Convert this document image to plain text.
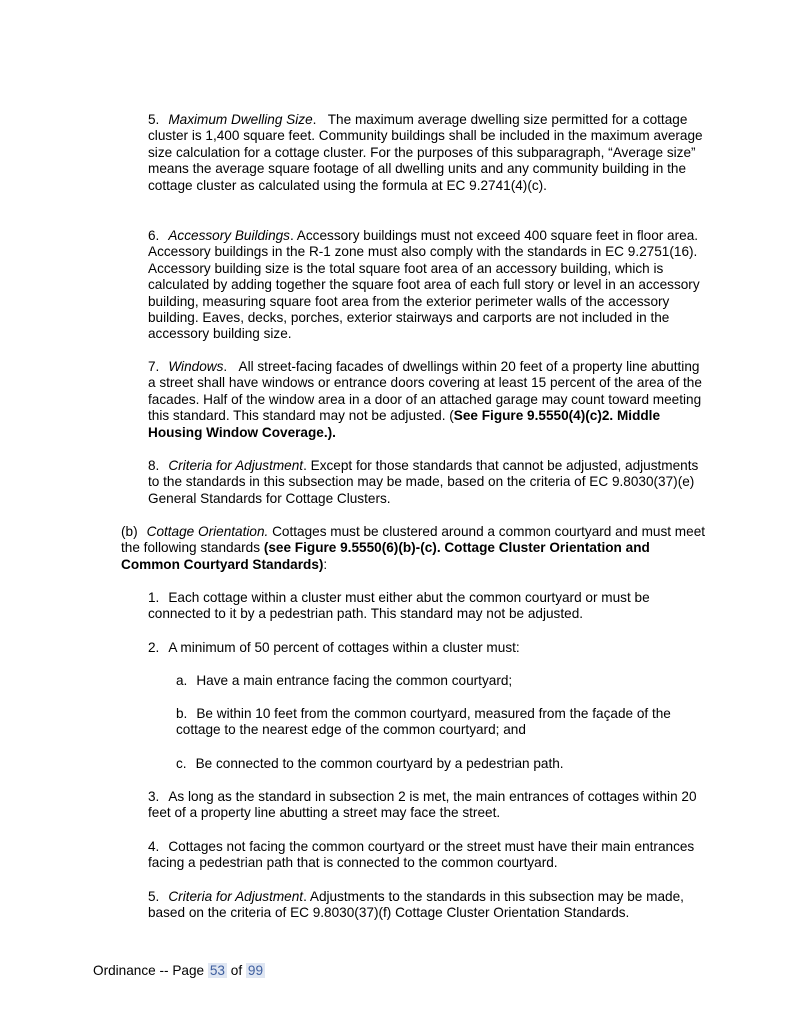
5. Maximum Dwelling Size. The maximum average dwelling size permitted for a cottage cluster is 1,400 square feet. Community buildings shall be included in the maximum average size calculation for a cottage cluster. For the purposes of this subparagraph, “Average size” means the average square footage of all dwelling units and any community building in the cottage cluster as calculated using the formula at EC 9.2741(4)(c).

6. Accessory Buildings. Accessory buildings must not exceed 400 square feet in floor area. Accessory buildings in the R-1 zone must also comply with the standards in EC 9.2751(16). Accessory building size is the total square foot area of an accessory building, which is calculated by adding together the square foot area of each full story or level in an accessory building, measuring square foot area from the exterior perimeter walls of the accessory building. Eaves, decks, porches, exterior stairways and carports are not included in the accessory building size.

7. Windows. All street-facing facades of dwellings within 20 feet of a property line abutting a street shall have windows or entrance doors covering at least 15 percent of the area of the facades. Half of the window area in a door of an attached garage may count toward meeting this standard. This standard may not be adjusted. (See Figure 9.5550(4)(c)2. Middle Housing Window Coverage.).

8. Criteria for Adjustment. Except for those standards that cannot be adjusted, adjustments to the standards in this subsection may be made, based on the criteria of EC 9.8030(37)(e) General Standards for Cottage Clusters.

(b) Cottage Orientation. Cottages must be clustered around a common courtyard and must meet the following standards (see Figure 9.5550(6)(b)-(c). Cottage Cluster Orientation and Common Courtyard Standards):

1. Each cottage within a cluster must either abut the common courtyard or must be connected to it by a pedestrian path. This standard may not be adjusted.

2. A minimum of 50 percent of cottages within a cluster must:

a. Have a main entrance facing the common courtyard;

b. Be within 10 feet from the common courtyard, measured from the façade of the cottage to the nearest edge of the common courtyard; and

c. Be connected to the common courtyard by a pedestrian path.

3. As long as the standard in subsection 2 is met, the main entrances of cottages within 20 feet of a property line abutting a street may face the street.

4. Cottages not facing the common courtyard or the street must have their main entrances facing a pedestrian path that is connected to the common courtyard.

5. Criteria for Adjustment. Adjustments to the standards in this subsection may be made, based on the criteria of EC 9.8030(37)(f) Cottage Cluster Orientation Standards.

Ordinance -- Page 53 of 99
